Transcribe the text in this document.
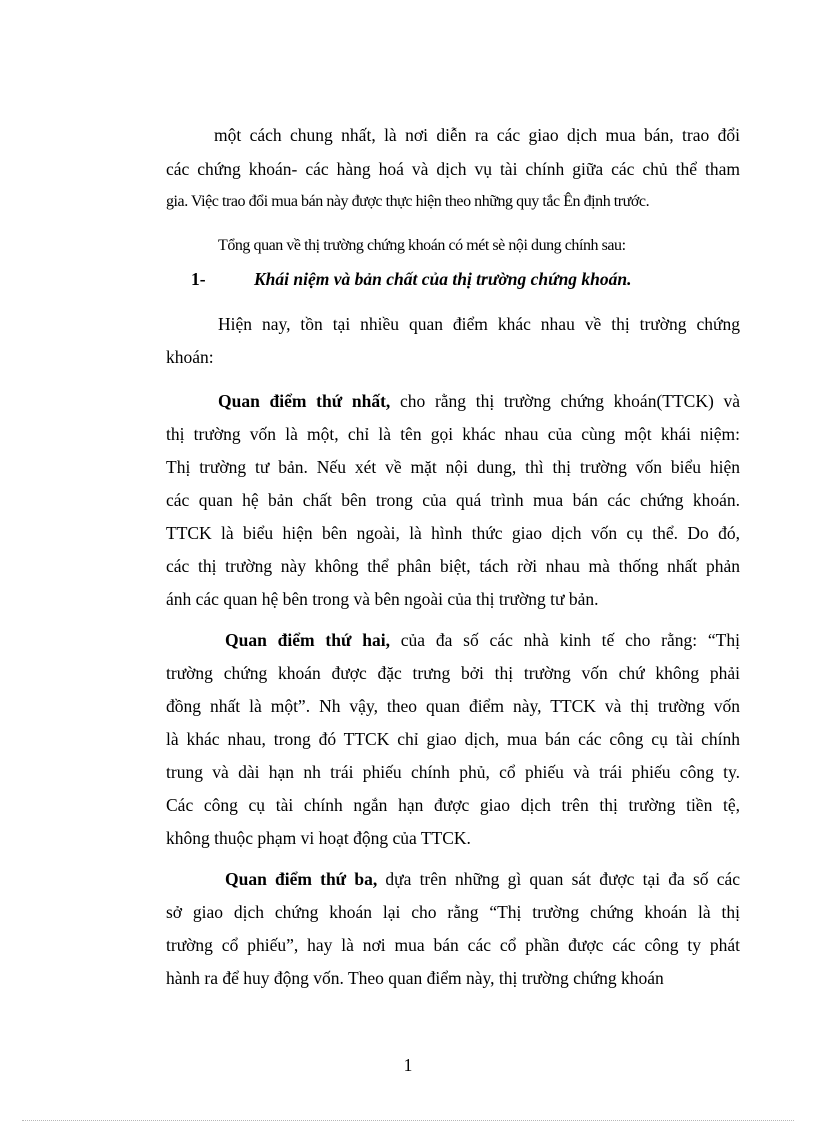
một cách chung nhất, là nơi diễn ra các giao dịch mua bán, trao đổi
các chứng khoán- các hàng hoá và dịch vụ tài chính giữa các chủ thể tham
gia. Việc trao đổi mua bán này được thực hiện theo những quy tắc Ên định trước.
Tổng quan về thị trường chứng khoán có mét sè nội dung chính sau:
1-	Khái niệm và bản chất của thị trường chứng khoán.
Hiện nay, tồn tại nhiều quan điểm khác nhau về thị trường chứng
khoán:
Quan điểm thứ nhất, cho rằng thị trường chứng khoán(TTCK) và
thị trường vốn là một, chỉ là tên gọi khác nhau của cùng một khái niệm:
Thị trường tư bản. Nếu xét về mặt nội dung, thì thị trường vốn biểu hiện
các quan hệ bản chất bên trong của quá trình mua bán các chứng khoán.
TTCK là biểu hiện bên ngoài, là hình thức giao dịch vốn cụ thể. Do đó,
các thị trường này không thể phân biệt, tách rời nhau mà thống nhất phản
ánh các quan hệ bên trong và bên ngoài của thị trường tư bản.
Quan điểm thứ hai, của đa số các nhà kinh tế cho rằng: “Thị
trường chứng khoán được đặc trưng bởi thị trường vốn chứ không phải
đồng nhất là một”. Nh vậy, theo quan điểm này, TTCK và thị trường vốn
là khác nhau, trong đó TTCK chỉ giao dịch, mua bán các công cụ tài chính
trung và dài hạn nh trái phiếu chính phủ, cổ phiếu và trái phiếu công ty.
Các công cụ tài chính ngắn hạn được giao dịch trên thị trường tiền tệ,
không thuộc phạm vi hoạt động của TTCK.
Quan điểm thứ ba, dựa trên những gì quan sát được tại đa số các
sở giao dịch chứng khoán lại cho rằng “Thị trường chứng khoán là thị
trường cổ phiếu”, hay là nơi mua bán các cổ phần được các công ty phát
hành ra để huy động vốn. Theo quan điểm này, thị trường chứng khoán
1
